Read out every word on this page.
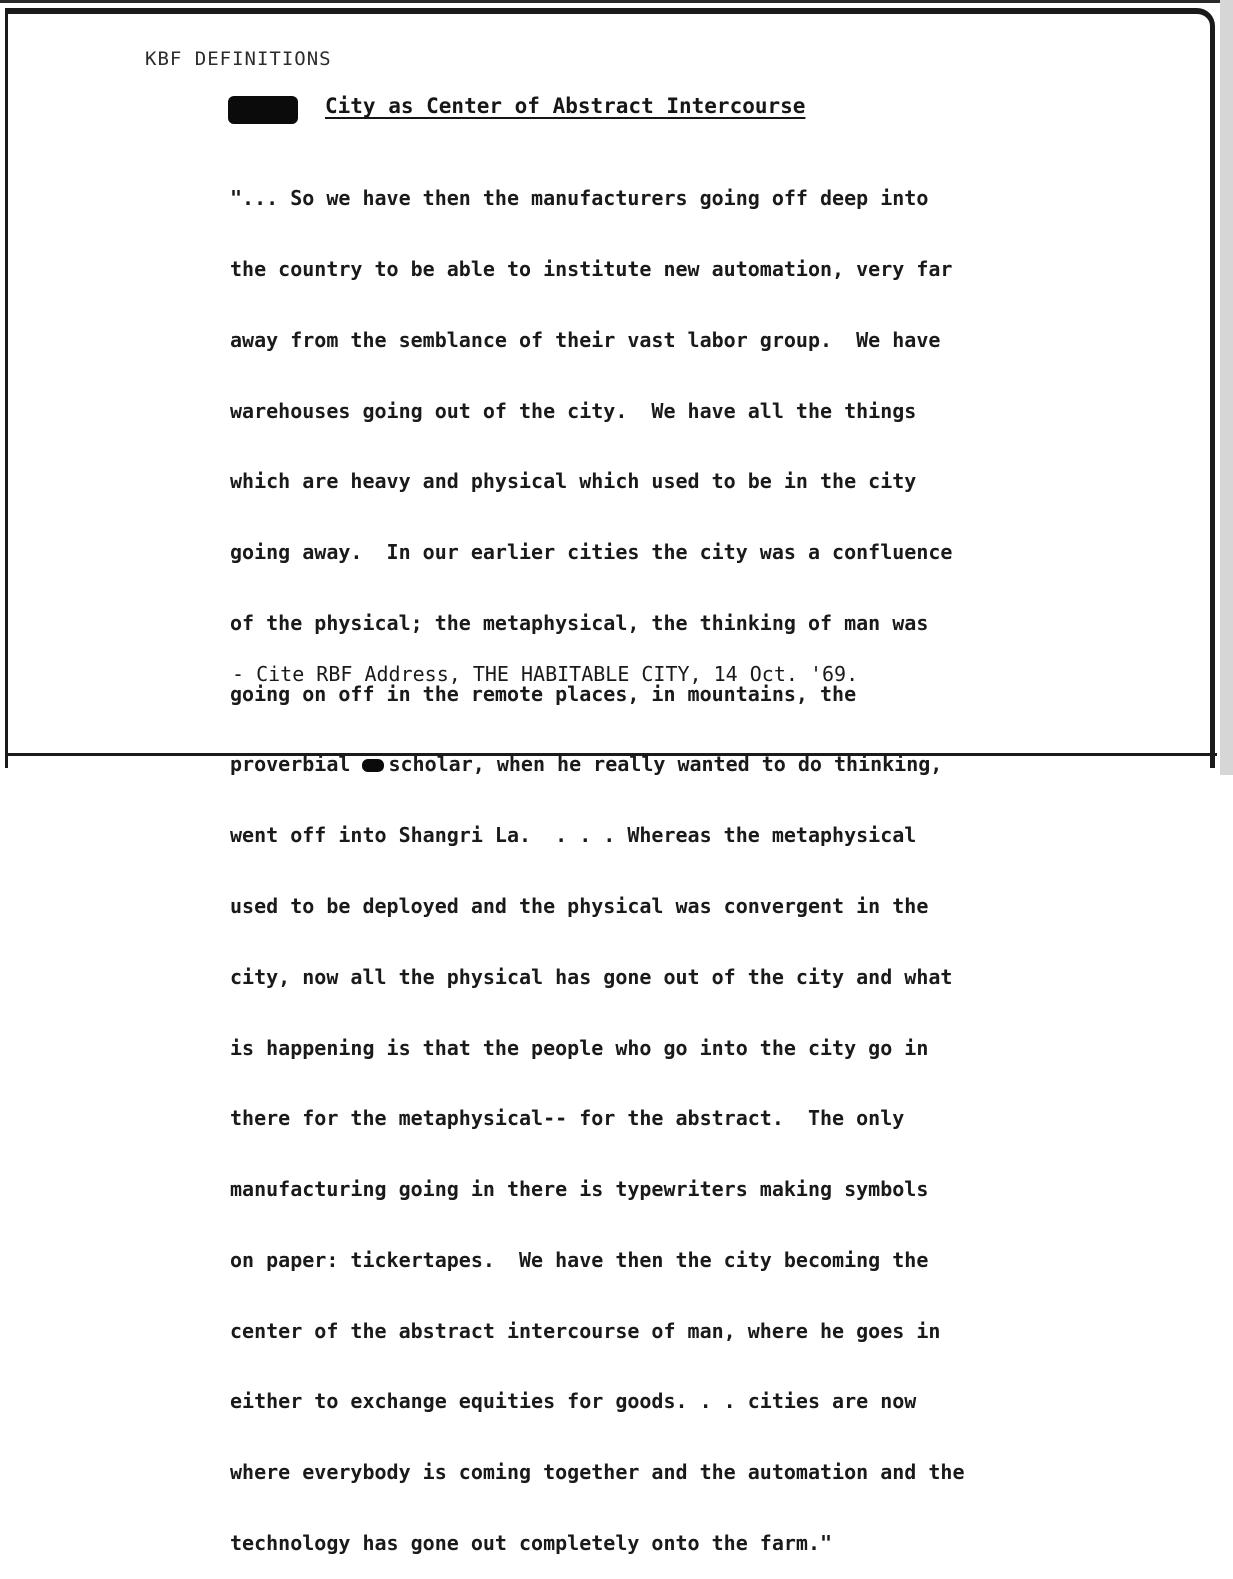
KBF DEFINITIONS
City as Center of Abstract Intercourse

"... So we have then the manufacturers going off deep into

the country to be able to institute new automation, very far

away from the semblance of their vast labor group.  We have

warehouses going out of the city.  We have all the things

which are heavy and physical which used to be in the city

going away.  In our earlier cities the city was a confluence

of the physical; the metaphysical, the thinking of man was

going on off in the remote places, in mountains, the

proverbial scholar, when he really wanted to do thinking,

went off into Shangri La.  . . . Whereas the metaphysical

used to be deployed and the physical was convergent in the

city, now all the physical has gone out of the city and what

is happening is that the people who go into the city go in

there for the metaphysical-- for the abstract.  The only

manufacturing going in there is typewriters making symbols

on paper: tickertapes.  We have then the city becoming the

center of the abstract intercourse of man, where he goes in

either to exchange equities for goods. . . cities are now

where everybody is coming together and the automation and the

technology has gone out completely onto the farm."

- Cite RBF Address, THE HABITABLE CITY, 14 Oct. '69.
